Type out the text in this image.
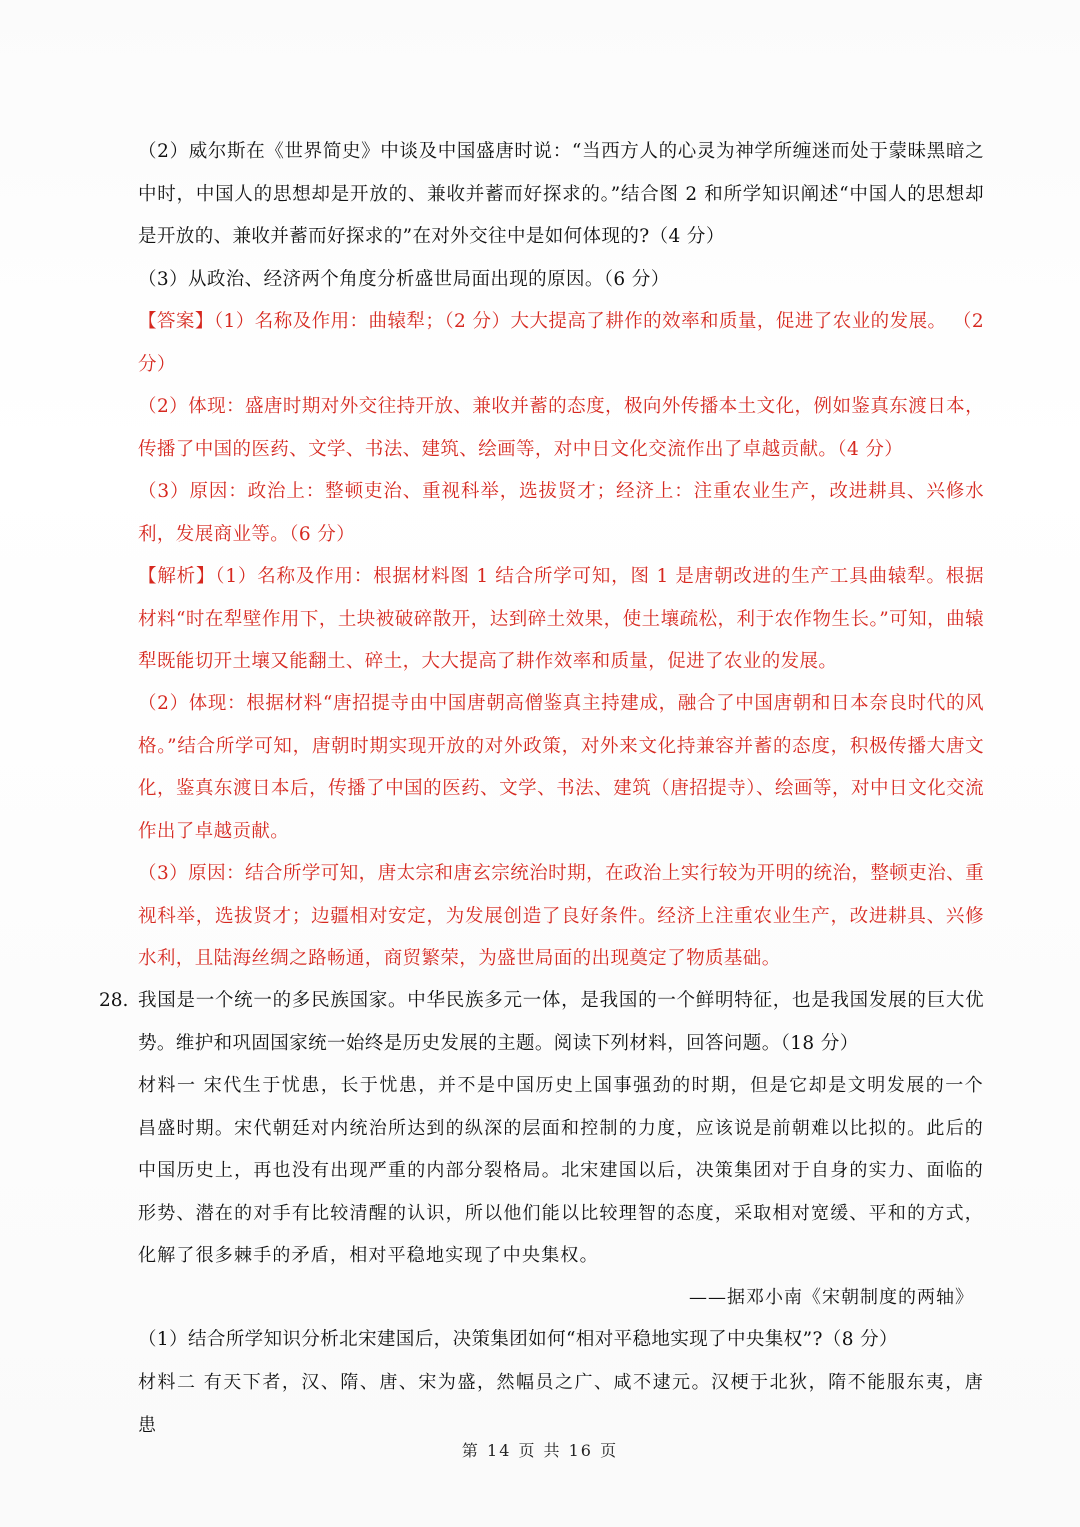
（2）威尔斯在《世界简史》中谈及中国盛唐时说：“当西方人的心灵为神学所缠迷而处于蒙昧黑暗之中时，中国人的思想却是开放的、兼收并蓄而好探求的。”结合图 2 和所学知识阐述“中国人的思想却是开放的、兼收并蓄而好探求的”在对外交往中是如何体现的?（4 分）

（3）从政治、经济两个角度分析盛世局面出现的原因。（6 分）

【答案】（1）名称及作用：曲辕犁；（2 分）大大提高了耕作的效率和质量，促进了农业的发展。 （2 分）

（2）体现：盛唐时期对外交往持开放、兼收并蓄的态度，极向外传播本土文化，例如鉴真东渡日本，传播了中国的医药、文学、书法、建筑、绘画等，对中日文化交流作出了卓越贡献。（4 分）

（3）原因：政治上：整顿吏治、重视科举，选拔贤才；经济上：注重农业生产，改进耕具、兴修水利，发展商业等。（6 分）

【解析】（1）名称及作用：根据材料图 1 结合所学可知，图 1 是唐朝改进的生产工具曲辕犁。根据材料“时在犁壁作用下，土块被破碎散开，达到碎土效果，使土壤疏松，利于农作物生长。”可知，曲辕犁既能切开土壤又能翻土、碎土，大大提高了耕作效率和质量，促进了农业的发展。

（2）体现：根据材料“唐招提寺由中国唐朝高僧鉴真主持建成，融合了中国唐朝和日本奈良时代的风格。”结合所学可知，唐朝时期实现开放的对外政策，对外来文化持兼容并蓄的态度，积极传播大唐文化，鉴真东渡日本后，传播了中国的医药、文学、书法、建筑（唐招提寺）、绘画等，对中日文化交流作出了卓越贡献。

（3）原因：结合所学可知，唐太宗和唐玄宗统治时期，在政治上实行较为开明的统治，整顿吏治、重视科举，选拔贤才；边疆相对安定，为发展创造了良好条件。经济上注重农业生产，改进耕具、兴修水利，且陆海丝绸之路畅通，商贸繁荣，为盛世局面的出现奠定了物质基础。

28. 我国是一个统一的多民族国家。中华民族多元一体，是我国的一个鲜明特征，也是我国发展的巨大优势。维护和巩固国家统一始终是历史发展的主题。阅读下列材料，回答问题。（18 分）

材料一 宋代生于忧患，长于忧患，并不是中国历史上国事强劲的时期，但是它却是文明发展的一个昌盛时期。宋代朝廷对内统治所达到的纵深的层面和控制的力度，应该说是前朝难以比拟的。此后的中国历史上，再也没有出现严重的内部分裂格局。北宋建国以后，决策集团对于自身的实力、面临的形势、潜在的对手有比较清醒的认识，所以他们能以比较理智的态度，采取相对宽缓、平和的方式，化解了很多棘手的矛盾，相对平稳地实现了中央集权。

——据邓小南《宋朝制度的两轴》

（1）结合所学知识分析北宋建国后，决策集团如何“相对平稳地实现了中央集权”?（8 分）

材料二 有天下者，汉、隋、唐、宋为盛，然幅员之广、咸不逮元。汉梗于北狄，隋不能服东夷，唐患

第 14 页 共 16 页
